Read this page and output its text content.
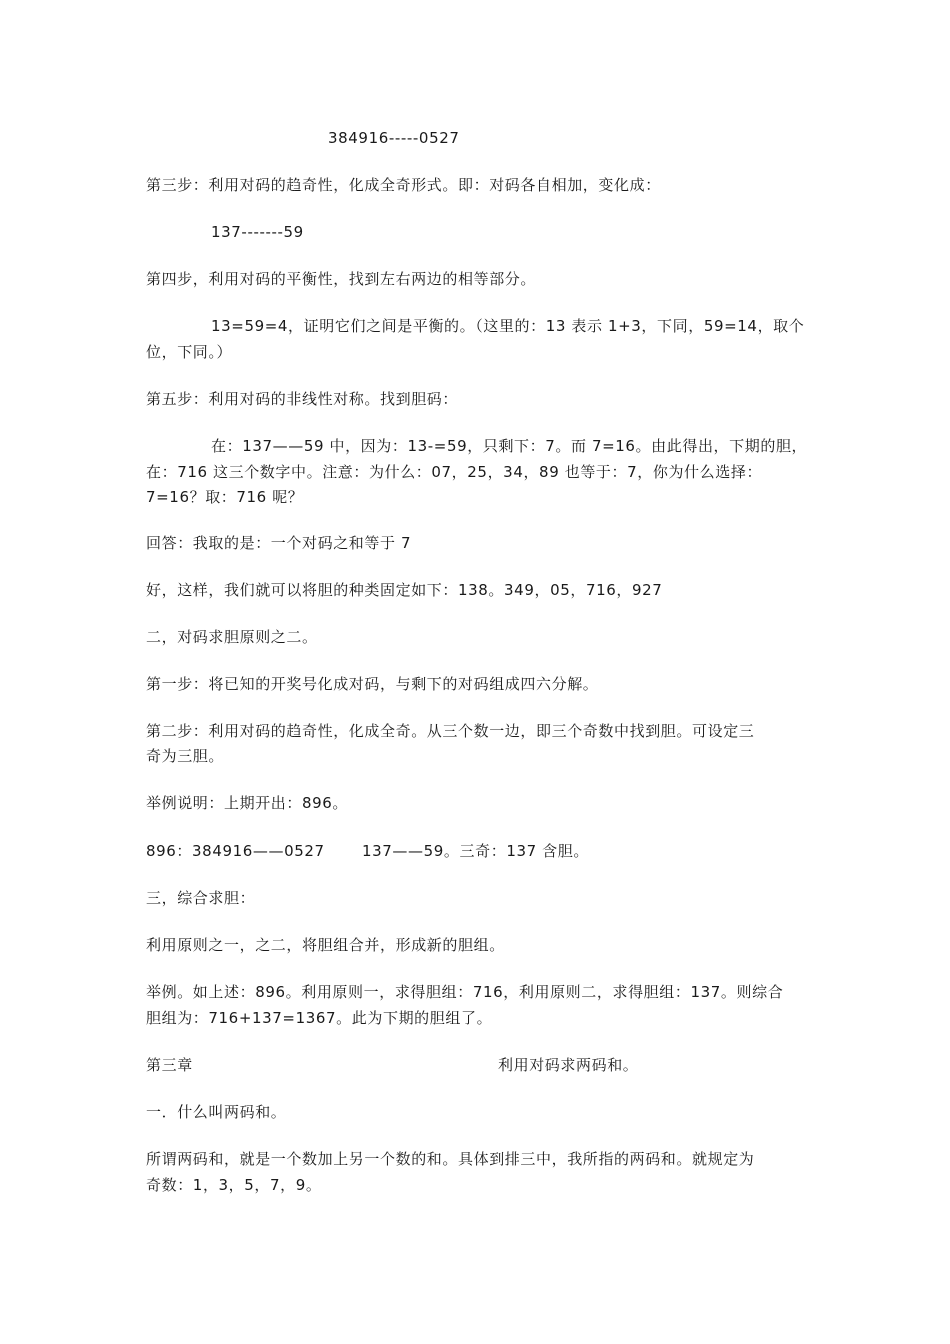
384916-----0527
第三步：利用对码的趋奇性，化成全奇形式。即：对码各自相加，变化成：
137-------59
第四步，利用对码的平衡性，找到左右两边的相等部分。
13=59=4，证明它们之间是平衡的。（这里的：13 表示 1+3，下同，59=14，取个
位，下同。）
第五步：利用对码的非线性对称。找到胆码：
在：137——59 中，因为：13-=59，只剩下：7。而 7=16。由此得出，下期的胆，
在：716 这三个数字中。注意：为什么：07，25，34，89 也等于：7，你为什么选择：
7=16？取：716 呢？
回答：我取的是：一个对码之和等于 7
好，这样，我们就可以将胆的种类固定如下：138。349，05，716，927
二，对码求胆原则之二。
第一步：将已知的开奖号化成对码，与剩下的对码组成四六分解。
第二步：利用对码的趋奇性，化成全奇。从三个数一边，即三个奇数中找到胆。可设定三
奇为三胆。
举例说明：上期开出：896。
896：384916——0527 137——59。三奇：137 含胆。
三，综合求胆：
利用原则之一，之二，将胆组合并，形成新的胆组。
举例。如上述：896。利用原则一，求得胆组：716，利用原则二，求得胆组：137。则综合
胆组为：716+137=1367。此为下期的胆组了。
第三章	利用对码求两码和。
一．什么叫两码和。
所谓两码和，就是一个数加上另一个数的和。具体到排三中，我所指的两码和。就规定为
奇数：1，3，5，7，9。
